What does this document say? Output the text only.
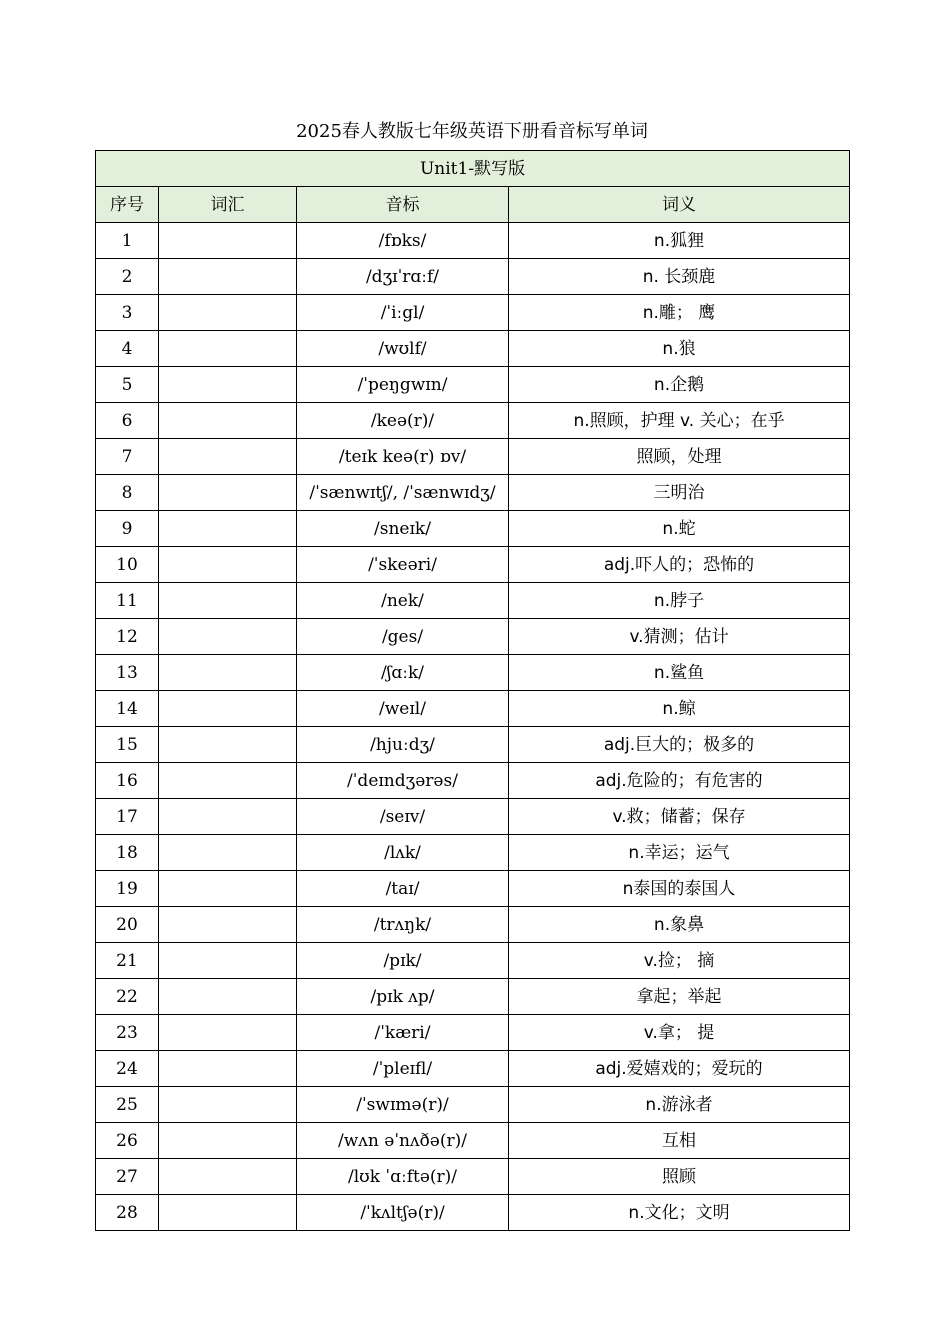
2025春人教版七年级英语下册看音标写单词
Unit1-默写版			
序号	词汇	音标	词义
1		/fɒks/	n.狐狸
2		/dʒɪˈrɑːf/	n. 长颈鹿
3		/ˈiːgl/	n.雕； 鹰
4		/wʊlf/	n.狼
5		/ˈpeŋgwɪn/	n.企鹅
6		/keə(r)/	n.照顾，护理 v. 关心；在乎
7		/teɪk keə(r) ɒv/	照顾，处理
8		/ˈsænwɪtʃ/, /ˈsænwɪdʒ/	三明治
9		/sneɪk/	n.蛇
10		/ˈskeəri/	adj.吓人的；恐怖的
11		/nek/	n.脖子
12		/ges/	v.猜测；估计
13		/ʃɑːk/	n.鲨鱼
14		/weɪl/	n.鲸
15		/hjuːdʒ/	adj.巨大的；极多的
16		/ˈdeɪndʒərəs/	adj.危险的；有危害的
17		/seɪv/	v.救；储蓄；保存
18		/lʌk/	n.幸运；运气
19		/taɪ/	n泰国的泰国人
20		/trʌŋk/	n.象鼻
21		/pɪk/	v.捡； 摘
22		/pɪk ʌp/	拿起；举起
23		/ˈkæri/	v.拿； 提
24		/ˈpleɪfl/	adj.爱嬉戏的；爱玩的
25		/ˈswɪmə(r)/	n.游泳者
26		/wʌn əˈnʌðə(r)/	互相
27		/lʊk ˈɑːftə(r)/	照顾
28		/ˈkʌltʃə(r)/	n.文化；文明
